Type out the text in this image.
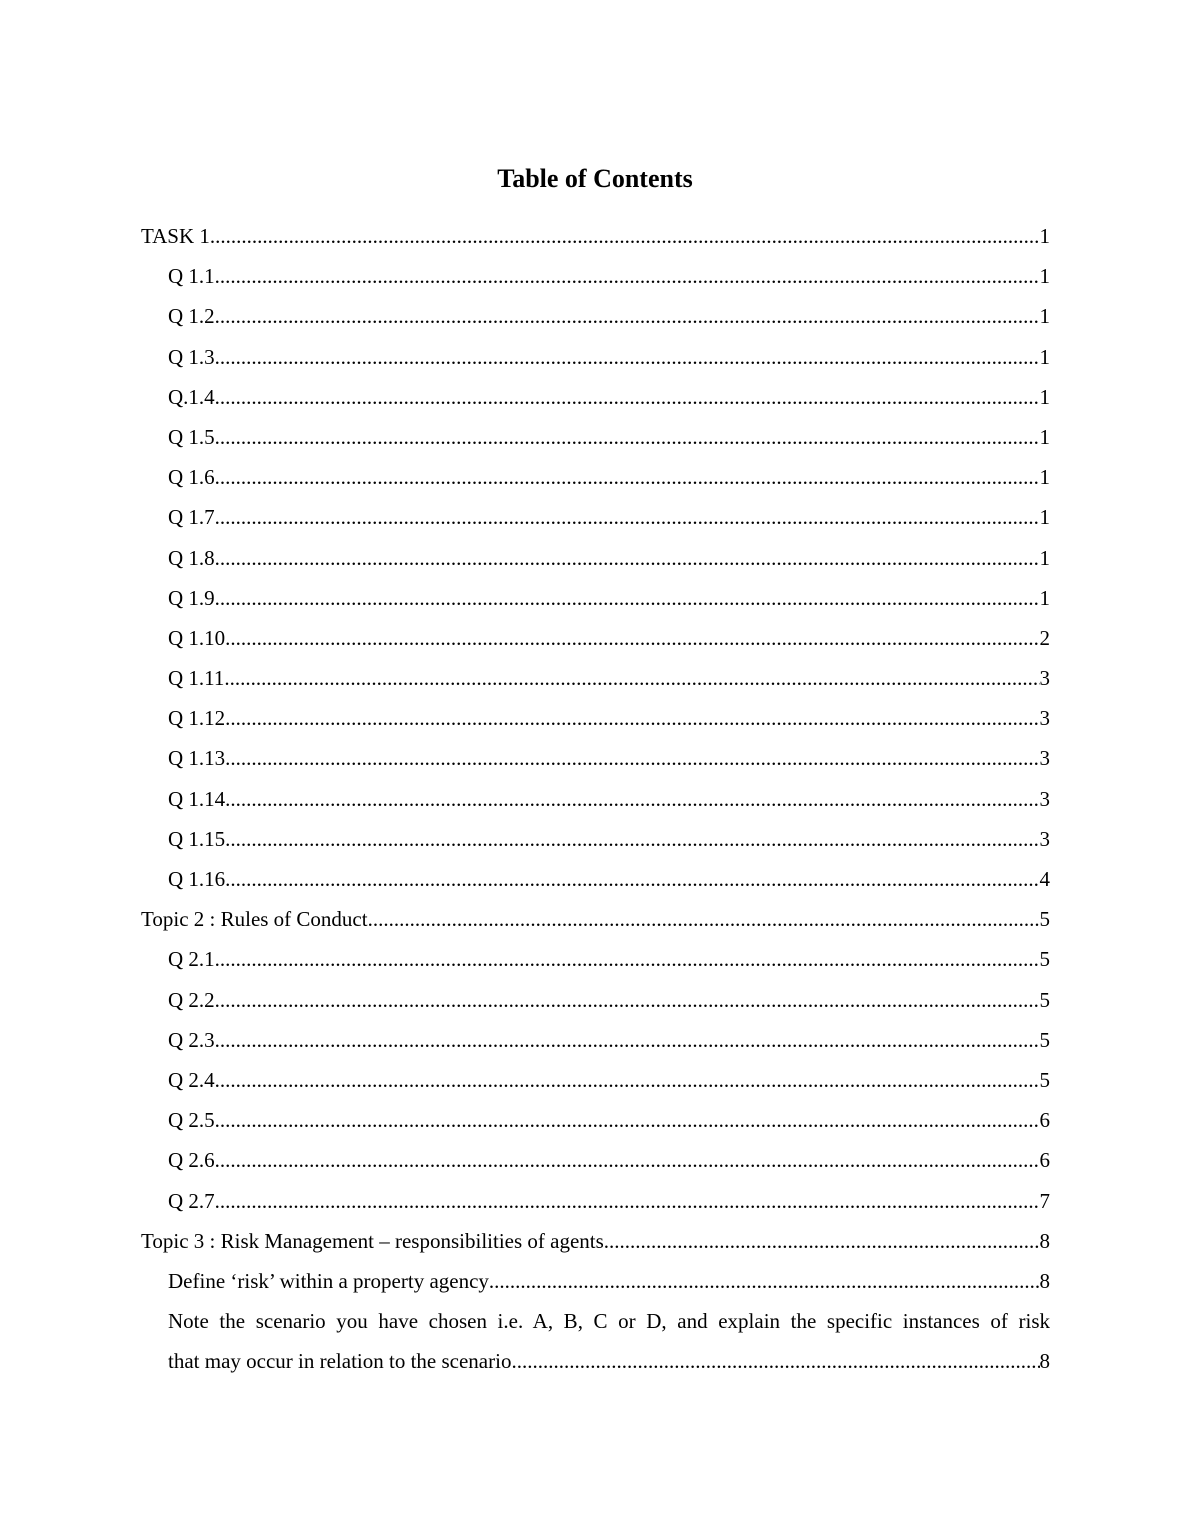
Table of Contents
TASK 1 .....	1
Q 1.1 .....	1
Q 1.2 .....	1
Q 1.3 .....	1
Q.1.4 .....	1
Q 1.5 .....	1
Q 1.6 .....	1
Q 1.7 .....	1
Q 1.8 .....	1
Q 1.9 .....	1
Q 1.10 .....	2
Q 1.11 .....	3
Q 1.12 .....	3
Q 1.13 .....	3
Q 1.14 .....	3
Q 1.15 .....	3
Q 1.16 .....	4
Topic 2 : Rules of Conduct .....	5
Q 2.1 .....	5
Q 2.2 .....	5
Q 2.3 .....	5
Q 2.4 .....	5
Q 2.5 .....	6
Q 2.6 .....	6
Q 2.7 .....	7
Topic 3 : Risk Management – responsibilities of agents .....	8
Define ‘risk’ within a property agency .....	8
Note the scenario you have chosen i.e. A, B, C or D, and explain the specific instances of risk
that may occur in relation to the scenario .....	8
